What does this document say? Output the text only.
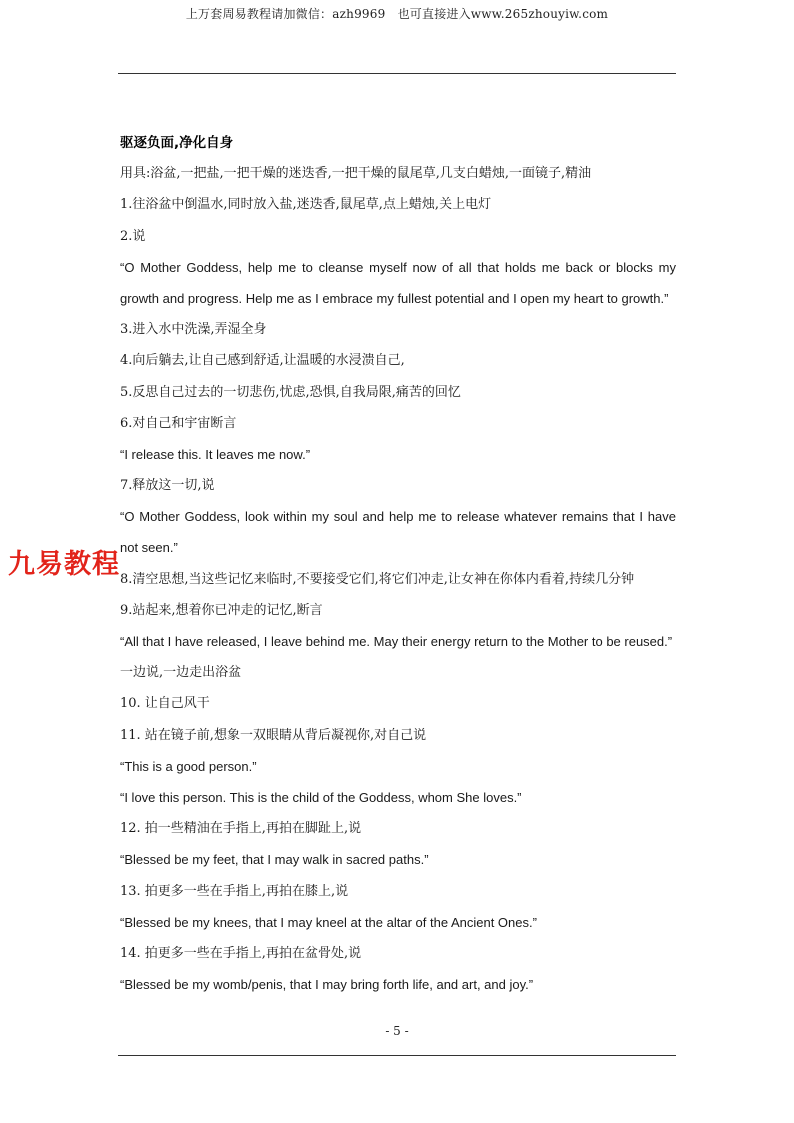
上万套周易教程请加微信：azh9969　也可直接进入www.265zhouyiw.com
驱逐负面,净化自身
用具:浴盆,一把盐,一把干燥的迷迭香,一把干燥的鼠尾草,几支白蜡烛,一面镜子,精油
1.往浴盆中倒温水,同时放入盐,迷迭香,鼠尾草,点上蜡烛,关上电灯
2.说
“O Mother Goddess, help me to cleanse myself now of all that holds me back or blocks my
growth and progress. Help me as I embrace my fullest potential and I open my heart to growth.”
3.进入水中洗澡,弄湿全身
4.向后躺去,让自己感到舒适,让温暖的水浸溃自己,
5.反思自己过去的一切悲伤,忧虑,恐惧,自我局限,痛苦的回忆
6.对自己和宇宙断言
“I release this. It leaves me now.”
7.释放这一切,说
“O Mother Goddess, look within my soul and help me to release whatever remains that I have
not seen.”
8.清空思想,当这些记忆来临时,不要接受它们,将它们冲走,让女神在你体内看着,持续几分钟
9.站起来,想着你已冲走的记忆,断言
“All that I have released, I leave behind me. May their energy return to the Mother to be reused.”
一边说,一边走出浴盆
10. 让自己风干
11. 站在镜子前,想象一双眼睛从背后凝视你,对自己说
“This is a good person.”
“I love this person. This is the child of the Goddess, whom She loves.”
12. 拍一些精油在手指上,再拍在脚趾上,说
“Blessed be my feet, that I may walk in sacred paths.”
13. 拍更多一些在手指上,再拍在膝上,说
“Blessed be my knees, that I may kneel at the altar of the Ancient Ones.”
14. 拍更多一些在手指上,再拍在盆骨处,说
“Blessed be my womb/penis, that I may bring forth life, and art, and joy.”
九易教程
- 5 -
